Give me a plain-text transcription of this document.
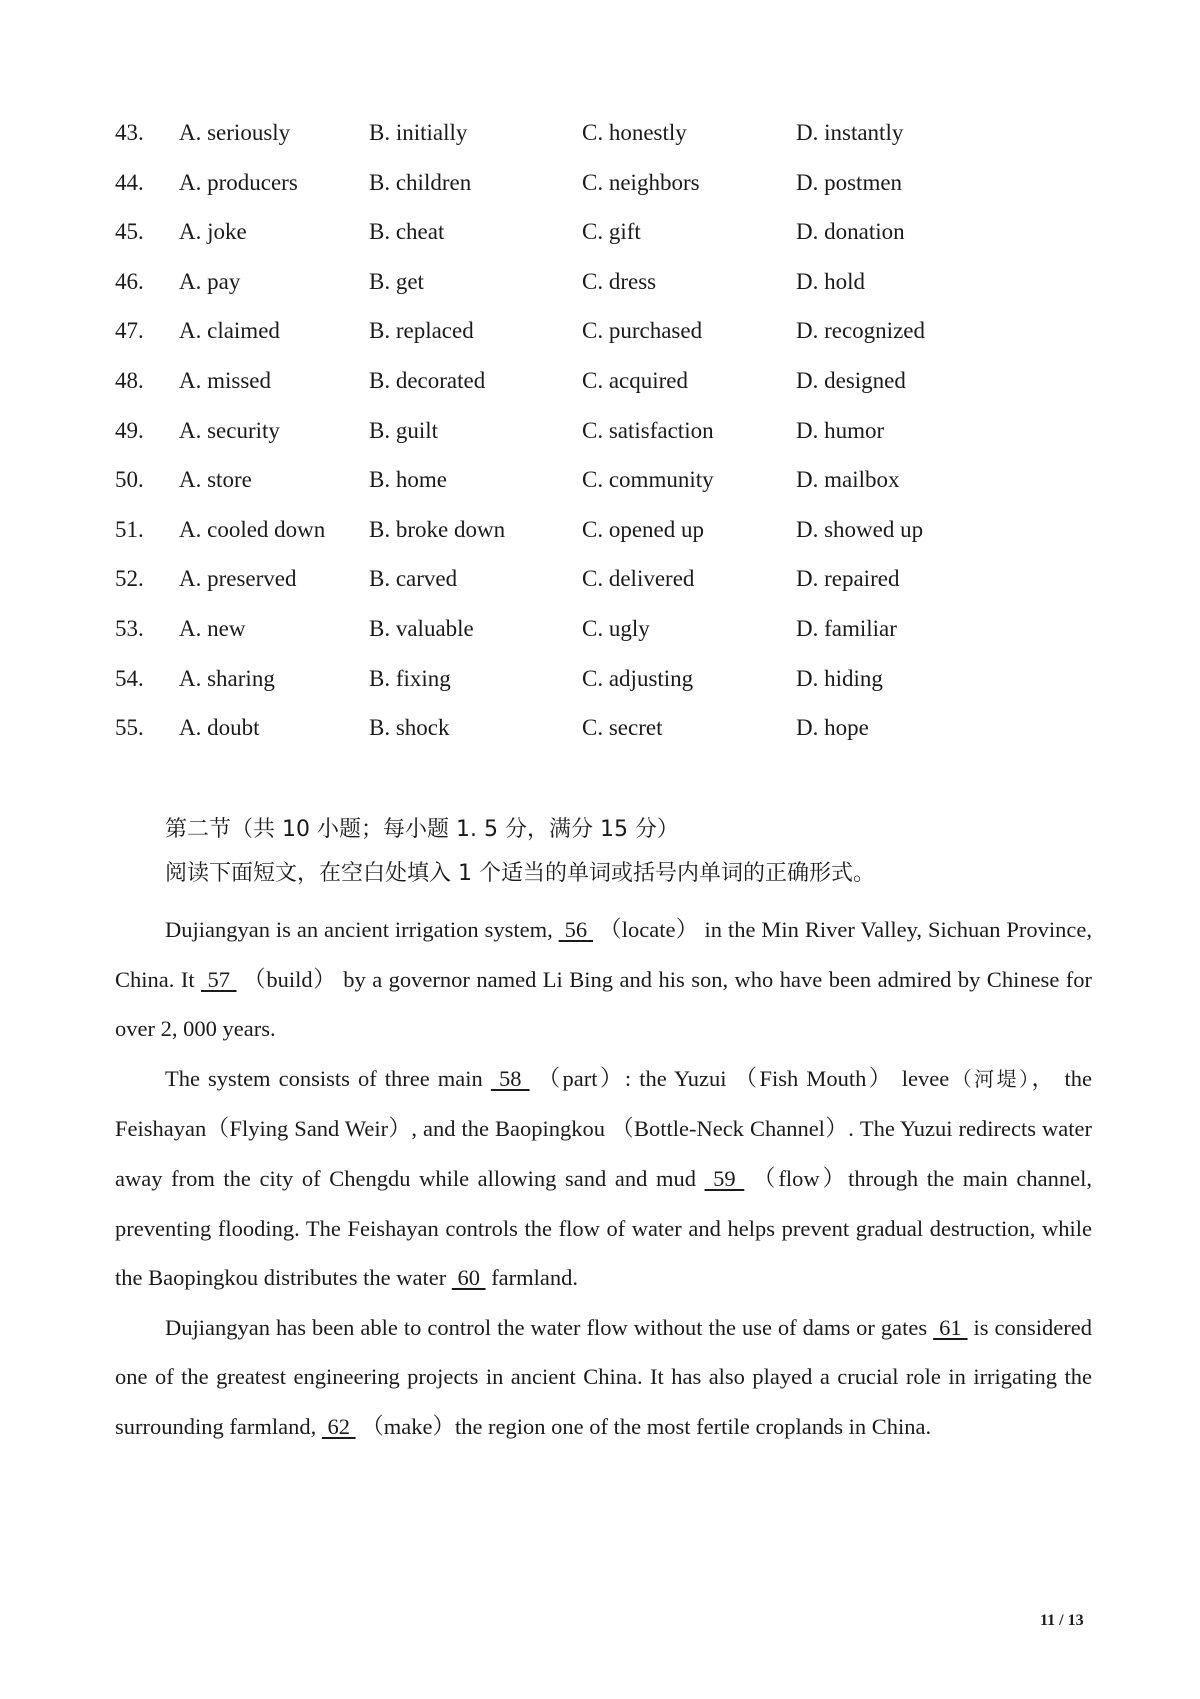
43. A. seriously	B. initially	C. honestly	D. instantly
44. A. producers	B. children	C. neighbors	D. postmen
45. A. joke	B. cheat	C. gift	D. donation
46. A. pay	B. get	C. dress	D. hold
47. A. claimed	B. replaced	C. purchased	D. recognized
48. A. missed	B. decorated	C. acquired	D. designed
49. A. security	B. guilt	C. satisfaction	D. humor
50. A. store	B. home	C. community	D. mailbox
51. A. cooled down B. broke down	C. opened up	D. showed up
52. A. preserved	B. carved	C. delivered	D. repaired
53. A. new	B. valuable	C. ugly	D. familiar
54. A. sharing	B. fixing	C. adjusting	D. hiding
55. A. doubt	B. shock	C. secret	D. hope
第二节（共 10 小题；每小题 1. 5 分，满分 15 分）
阅读下面短文，在空白处填入 1 个适当的单词或括号内单词的正确形式。

Dujiangyan is an ancient irrigation system,  56  （locate） in the Min River Valley, Sichuan Province, China. It  57  （build） by a governor named Li Bing and his son, who have been admired by Chinese for over 2, 000 years.

The system consists of three main  58  （part）: the Yuzui （Fish Mouth） levee（河堤）， the Feishayan（Flying Sand Weir）, and the Baopingkou （Bottle-Neck Channel）. The Yuzui redirects water away from the city of Chengdu while allowing sand and mud  59  （flow）through the main channel, preventing flooding. The Feishayan controls the flow of water and helps prevent gradual destruction, while the Baopingkou distributes the water  60  farmland.

Dujiangyan has been able to control the water flow without the use of dams or gates  61  is considered one of the greatest engineering projects in ancient China. It has also played a crucial role in irrigating the surrounding farmland,  62  （make）the region one of the most fertile croplands in China.

11 / 13
